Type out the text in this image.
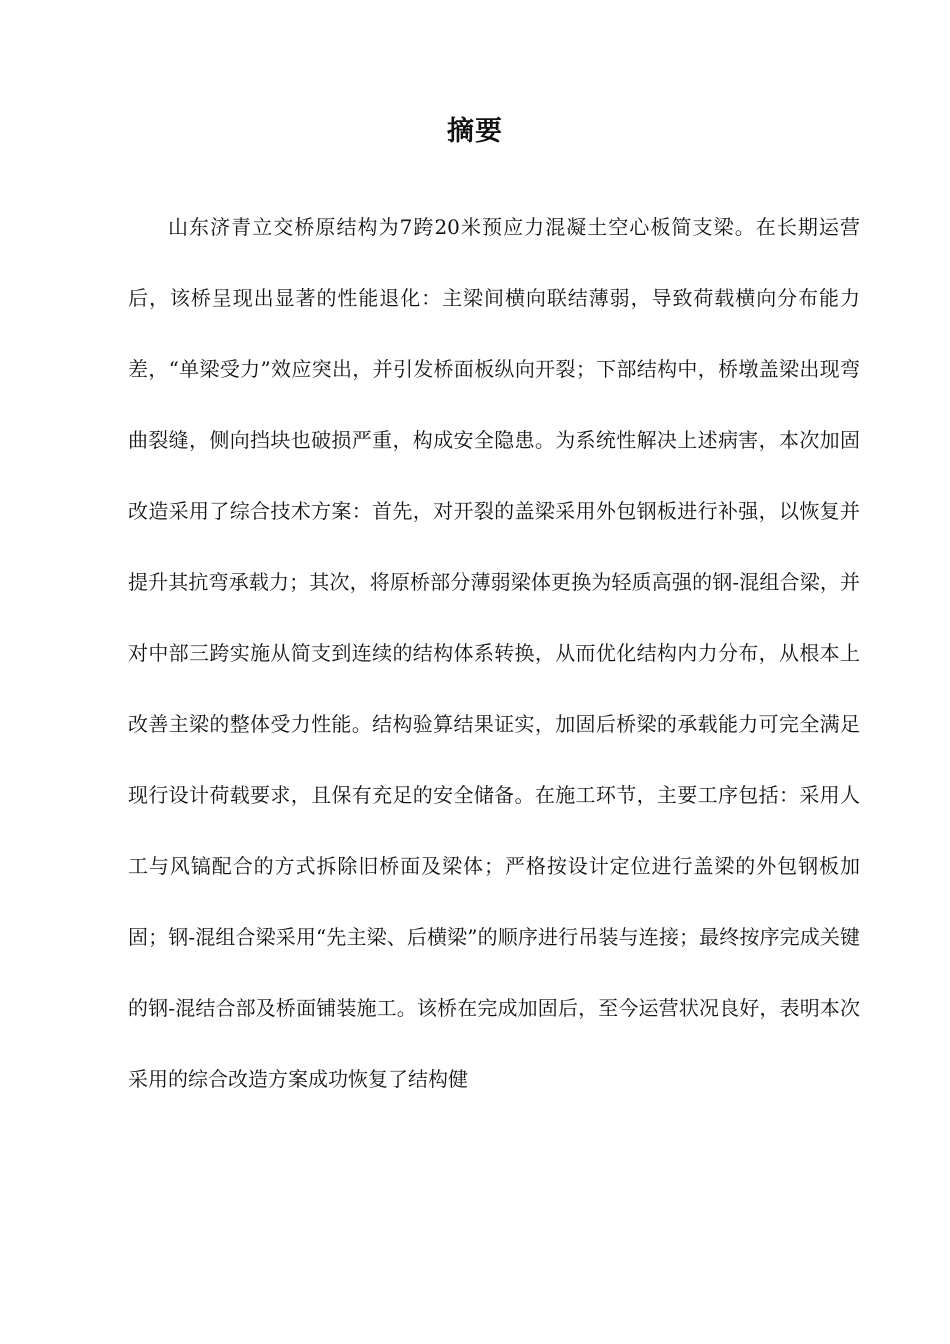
摘要

山东济青立交桥原结构为7跨20米预应力混凝土空心板简支梁。在长期运营后，该桥呈现出显著的性能退化：主梁间横向联结薄弱，导致荷载横向分布能力差，“单梁受力”效应突出，并引发桥面板纵向开裂；下部结构中，桥墩盖梁出现弯曲裂缝，侧向挡块也破损严重，构成安全隐患。为系统性解决上述病害，本次加固改造采用了综合技术方案：首先，对开裂的盖梁采用外包钢板进行补强，以恢复并提升其抗弯承载力；其次，将原桥部分薄弱梁体更换为轻质高强的钢-混组合梁，并对中部三跨实施从简支到连续的结构体系转换，从而优化结构内力分布，从根本上改善主梁的整体受力性能。结构验算结果证实，加固后桥梁的承载能力可完全满足现行设计荷载要求，且保有充足的安全储备。在施工环节，主要工序包括：采用人工与风镐配合的方式拆除旧桥面及梁体；严格按设计定位进行盖梁的外包钢板加固；钢-混组合梁采用“先主梁、后横梁”的顺序进行吊装与连接；最终按序完成关键的钢-混结合部及桥面铺装施工。该桥在完成加固后，至今运营状况良好，表明本次采用的综合改造方案成功恢复了结构健
